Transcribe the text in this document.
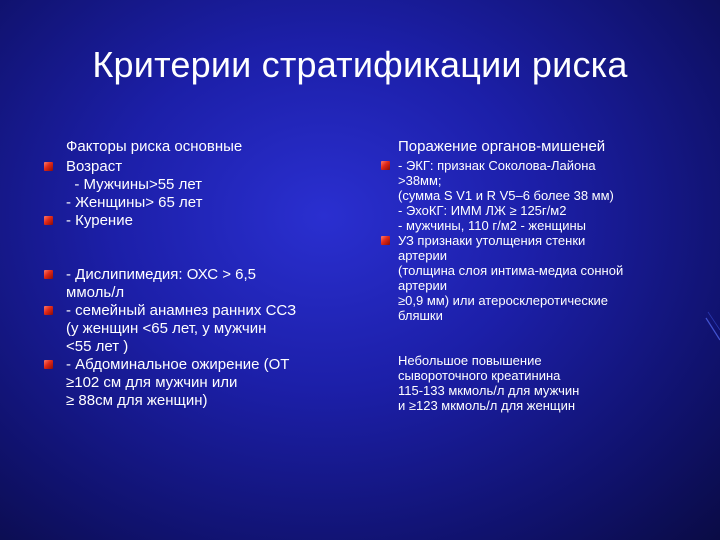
Критерии стратификации риска
Факторы риска основные
Возраст
- Мужчины>55 лет
- Женщины> 65 лет
- Курение
- Дислипимедия: ОХС > 6,5
ммоль/л
- семейный анамнез ранних ССЗ
(у женщин <65 лет, у мужчин
<55 лет )
- Абдоминальное ожирение (ОТ
≥102 см для мужчин или
≥ 88см для женщин)
Поражение органов-мишеней
- ЭКГ: признак Соколова-Лайона
>38мм;
(сумма S V1 и R V5–6 более 38 мм)
- ЭхоКГ: ИММ ЛЖ ≥ 125г/м2
- мужчины, 110 г/м2 - женщины
УЗ признаки утолщения стенки
артерии
(толщина слоя интима-медиа сонной
артерии
≥0,9 мм) или атеросклеротические
бляшки
Небольшое повышение
сывороточного креатинина
115-133 мкмоль/л для мужчин
и ≥123 мкмоль/л для женщин
